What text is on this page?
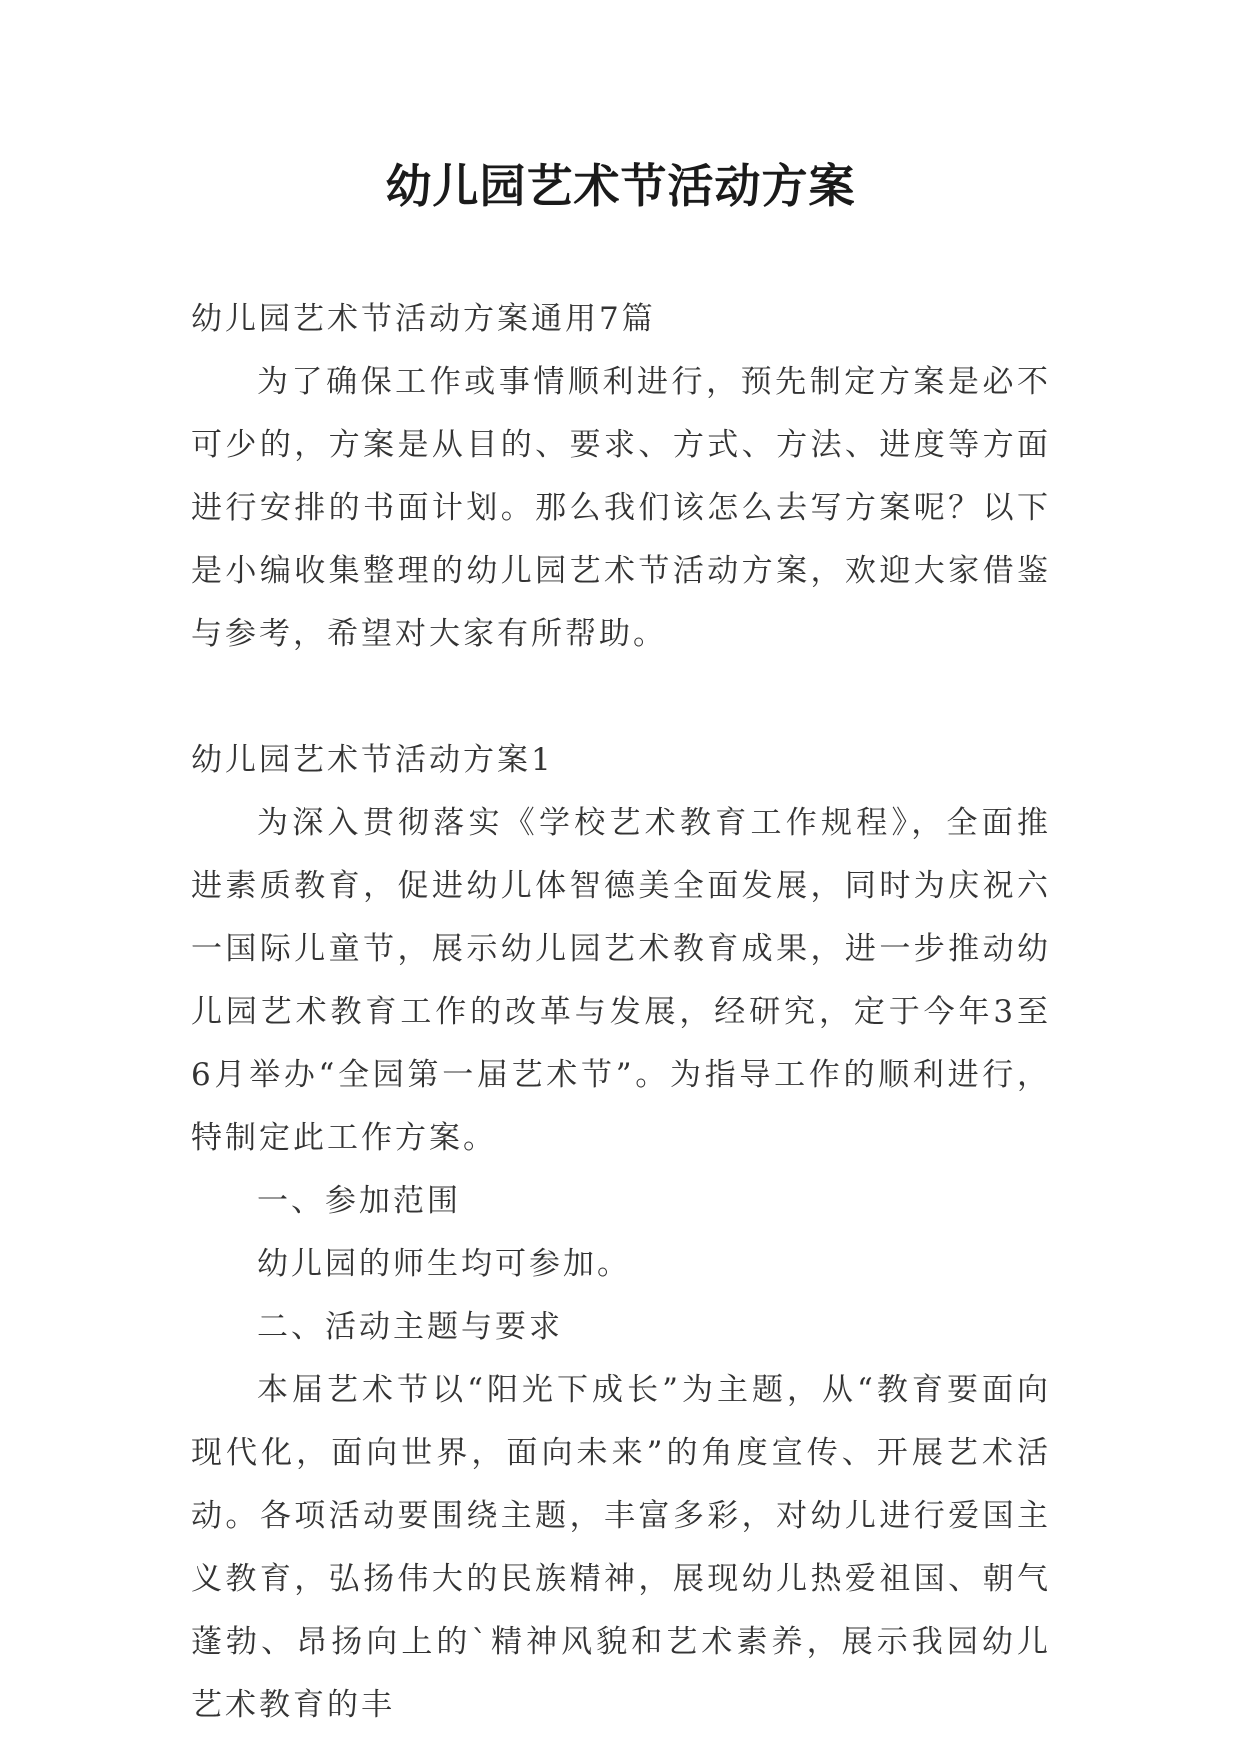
幼儿园艺术节活动方案

幼儿园艺术节活动方案通用7篇

为了确保工作或事情顺利进行，预先制定方案是必不可少的，方案是从目的、要求、方式、方法、进度等方面进行安排的书面计划。那么我们该怎么去写方案呢？以下是小编收集整理的幼儿园艺术节活动方案，欢迎大家借鉴与参考，希望对大家有所帮助。

幼儿园艺术节活动方案1

为深入贯彻落实《学校艺术教育工作规程》，全面推进素质教育，促进幼儿体智德美全面发展，同时为庆祝六一国际儿童节，展示幼儿园艺术教育成果，进一步推动幼儿园艺术教育工作的改革与发展，经研究，定于今年3至6月举办“全园第一届艺术节”。为指导工作的顺利进行，特制定此工作方案。

一、参加范围

幼儿园的师生均可参加。

二、活动主题与要求

本届艺术节以“阳光下成长”为主题，从“教育要面向现代化，面向世界，面向未来”的角度宣传、开展艺术活动。各项活动要围绕主题，丰富多彩，对幼儿进行爱国主义教育，弘扬伟大的民族精神，展现幼儿热爱祖国、朝气蓬勃、昂扬向上的`精神风貌和艺术素养，展示我园幼儿艺术教育的丰
